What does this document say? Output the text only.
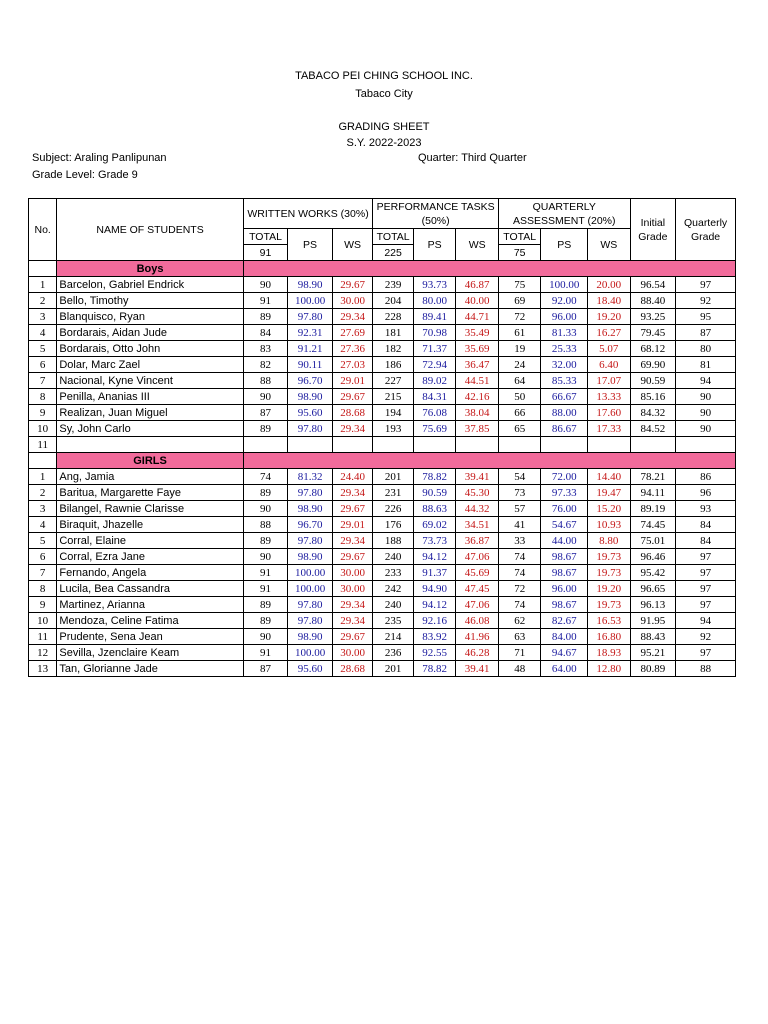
TABACO PEI CHING SCHOOL INC.
Tabaco City
GRADING SHEET
S.Y. 2022-2023
Subject: Araling Panlipunan
Grade Level: Grade 9
Quarter: Third Quarter
No.	NAME OF STUDENTS	WRITTEN WORKS (30%)			PERFORMANCE TASKS (50%)			QUARTERLY ASSESSMENT (20%)			Initial Grade	Quarterly Grade
		TOTAL	PS	WS	TOTAL	PS	WS	TOTAL	PS	WS		
		91			225			75				
	Boys											
1	Barcelon, Gabriel Endrick	90	98.90	29.67	239	93.73	46.87	75	100.00	20.00	96.54	97
2	Bello, Timothy	91	100.00	30.00	204	80.00	40.00	69	92.00	18.40	88.40	92
3	Blanquisco, Ryan	89	97.80	29.34	228	89.41	44.71	72	96.00	19.20	93.25	95
4	Bordarais, Aidan Jude	84	92.31	27.69	181	70.98	35.49	61	81.33	16.27	79.45	87
5	Bordarais, Otto John	83	91.21	27.36	182	71.37	35.69	19	25.33	5.07	68.12	80
6	Dolar, Marc Zael	82	90.11	27.03	186	72.94	36.47	24	32.00	6.40	69.90	81
7	Nacional, Kyne Vincent	88	96.70	29.01	227	89.02	44.51	64	85.33	17.07	90.59	94
8	Penilla, Ananias III	90	98.90	29.67	215	84.31	42.16	50	66.67	13.33	85.16	90
9	Realizan, Juan Miguel	87	95.60	28.68	194	76.08	38.04	66	88.00	17.60	84.32	90
10	Sy, John Carlo	89	97.80	29.34	193	75.69	37.85	65	86.67	17.33	84.52	90
11												
	GIRLS											
1	Ang, Jamia	74	81.32	24.40	201	78.82	39.41	54	72.00	14.40	78.21	86
2	Baritua, Margarette Faye	89	97.80	29.34	231	90.59	45.30	73	97.33	19.47	94.11	96
3	Bilangel, Rawnie Clarisse	90	98.90	29.67	226	88.63	44.32	57	76.00	15.20	89.19	93
4	Biraquit, Jhazelle	88	96.70	29.01	176	69.02	34.51	41	54.67	10.93	74.45	84
5	Corral, Elaine	89	97.80	29.34	188	73.73	36.87	33	44.00	8.80	75.01	84
6	Corral, Ezra Jane	90	98.90	29.67	240	94.12	47.06	74	98.67	19.73	96.46	97
7	Fernando, Angela	91	100.00	30.00	233	91.37	45.69	74	98.67	19.73	95.42	97
8	Lucila, Bea Cassandra	91	100.00	30.00	242	94.90	47.45	72	96.00	19.20	96.65	97
9	Martinez, Arianna	89	97.80	29.34	240	94.12	47.06	74	98.67	19.73	96.13	97
10	Mendoza, Celine Fatima	89	97.80	29.34	235	92.16	46.08	62	82.67	16.53	91.95	94
11	Prudente, Sena Jean	90	98.90	29.67	214	83.92	41.96	63	84.00	16.80	88.43	92
12	Sevilla, Jzenclaire Keam	91	100.00	30.00	236	92.55	46.28	71	94.67	18.93	95.21	97
13	Tan, Glorianne Jade	87	95.60	28.68	201	78.82	39.41	48	64.00	12.80	80.89	88
